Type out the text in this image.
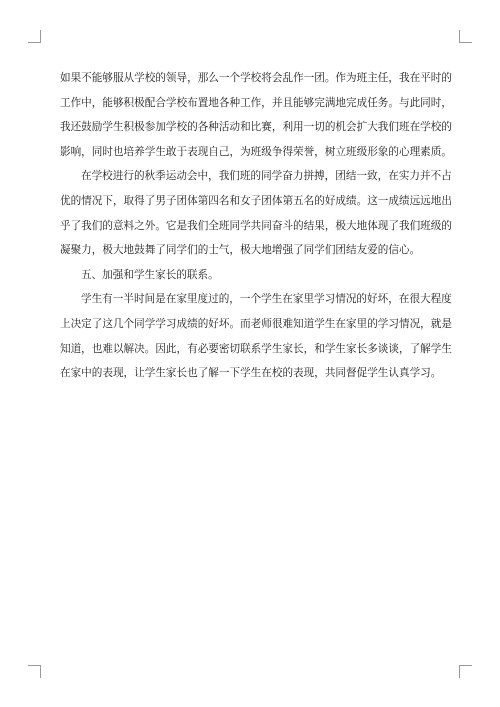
如果不能够服从学校的领导，那么一个学校将会乱作一团。作为班主任，我在平时的
工作中，能够积极配合学校布置地各种工作，并且能够完满地完成任务。与此同时，
我还鼓励学生积极参加学校的各种活动和比赛，利用一切的机会扩大我们班在学校的
影响，同时也培养学生敢于表现自己，为班级争得荣誉，树立班级形象的心理素质。
在学校进行的秋季运动会中，我们班的同学奋力拼搏，团结一致，在实力并不占
优的情况下，取得了男子团体第四名和女子团体第五名的好成绩。这一成绩远远地出
乎了我们的意料之外。它是我们全班同学共同奋斗的结果，极大地体现了我们班级的
凝聚力，极大地鼓舞了同学们的士气，极大地增强了同学们团结友爱的信心。
五、加强和学生家长的联系。
学生有一半时间是在家里度过的，一个学生在家里学习情况的好坏，在很大程度
上决定了这几个同学学习成绩的好坏。而老师很难知道学生在家里的学习情况，就是
知道，也难以解决。因此，有必要密切联系学生家长，和学生家长多谈谈，了解学生
在家中的表现，让学生家长也了解一下学生在校的表现，共同督促学生认真学习。
